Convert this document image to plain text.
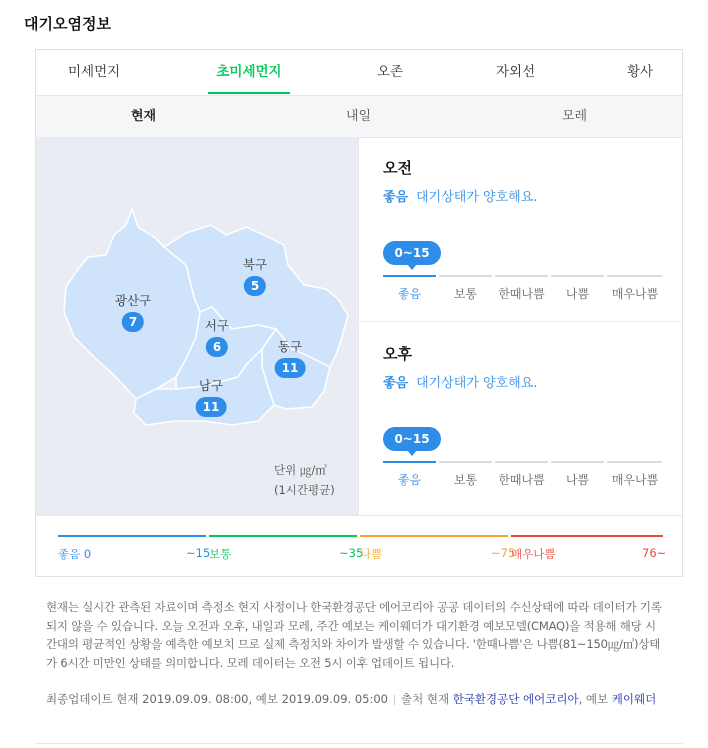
대기오염정보
미세먼지	초미세먼지	오존	자외선	황사
현재	내일	모레
북구
5
광산구
7	서구
6	동구
11
남구
11
단위 ㎍/㎥
(1시간평균)
오전
좋음 대기상태가 양호해요.
0~15
좋음	보통	한때나쁨	나쁨	매우나쁨
오후
좋음 대기상태가 양호해요.
0~15
좋음	보통	한때나쁨	나쁨	매우나쁨
좋음 0	~15
보통	~35
나쁨	~75
매우나쁨	76~
현재는 실시간 관측된 자료이며 측정소 현지 사정이나 한국환경공단 에어코리아 공공 데이터의 수신상태에 따라 데이터가 기록되지 않을 수 있습니다. 오늘 오전과 오후, 내일과 모레, 주간 예보는 케이웨더가 대기환경 예보모델(CMAQ)을 적용해 해당 시간대의 평균적인 상황을 예측한 예보치 므로 실제 측정치와 차이가 발생할 수 있습니다. '한때나쁨'은 나쁨(81~150㎍/㎥)상태가 6시간 미만인 상태를 의미합니다. 모레 데이터는 오전 5시 이후 업데이트 됩니다.
최종업데이트 현재 2019.09.09. 08:00, 예보 2019.09.09. 05:00 출처 현재 한국환경공단 에어코리아, 예보 케이웨더
